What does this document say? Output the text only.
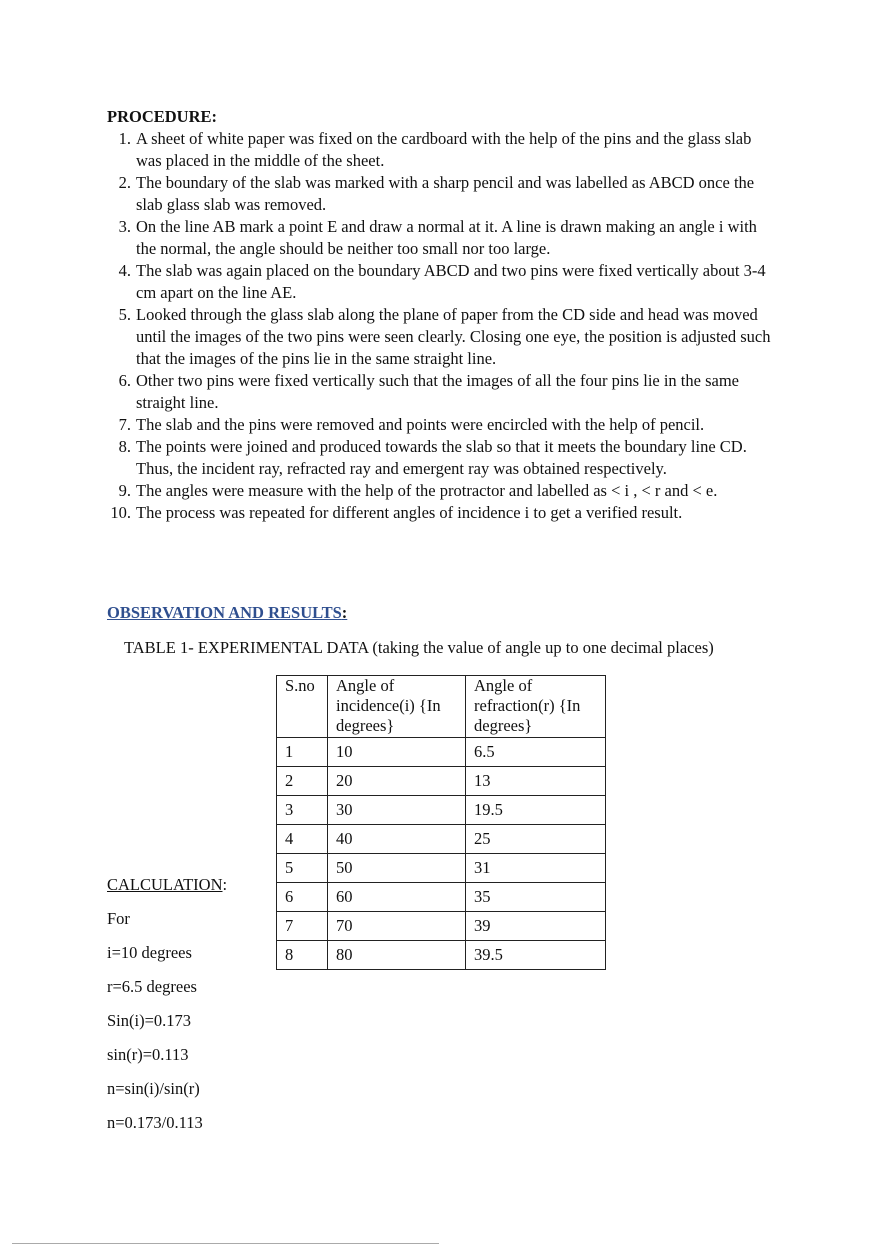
PROCEDURE:
1. A sheet of white paper was fixed on the cardboard with the help of the pins and the glass slab was placed in the middle of the sheet.
2. The boundary of the slab was marked with a sharp pencil and was labelled as ABCD once the slab glass slab was removed.
3. On the line AB mark a point E and draw a normal at it. A line is drawn making an angle i with the normal, the angle should be neither too small nor too large.
4. The slab was again placed on the boundary ABCD and two pins were fixed vertically about 3-4 cm apart on the line AE.
5. Looked through the glass slab along the plane of paper from the CD side and head was moved until the images of the two pins were seen clearly. Closing one eye, the position is adjusted such that the images of the pins lie in the same straight line.
6. Other two pins were fixed vertically such that the images of all the four pins lie in the same straight line.
7. The slab and the pins were removed and points were encircled with the help of pencil.
8. The points were joined and produced towards the slab so that it meets the boundary line CD. Thus, the incident ray, refracted ray and emergent ray was obtained respectively.
9. The angles were measure with the help of the protractor and labelled as < i , < r and < e.
10. The process was repeated for different angles of incidence i to get a verified result.
OBSERVATION AND RESULTS:
TABLE 1- EXPERIMENTAL DATA (taking the value of angle up to one decimal places)
S.no	Angle of incidence(i) {In degrees}	Angle of refraction(r) {In degrees}
1	10	6.5
2	20	13
3	30	19.5
4	40	25
5	50	31
6	60	35
7	70	39
8	80	39.5
CALCULATION:
For
i=10 degrees
r=6.5 degrees
Sin(i)=0.173
sin(r)=0.113
n=sin(i)/sin(r)
n=0.173/0.113
